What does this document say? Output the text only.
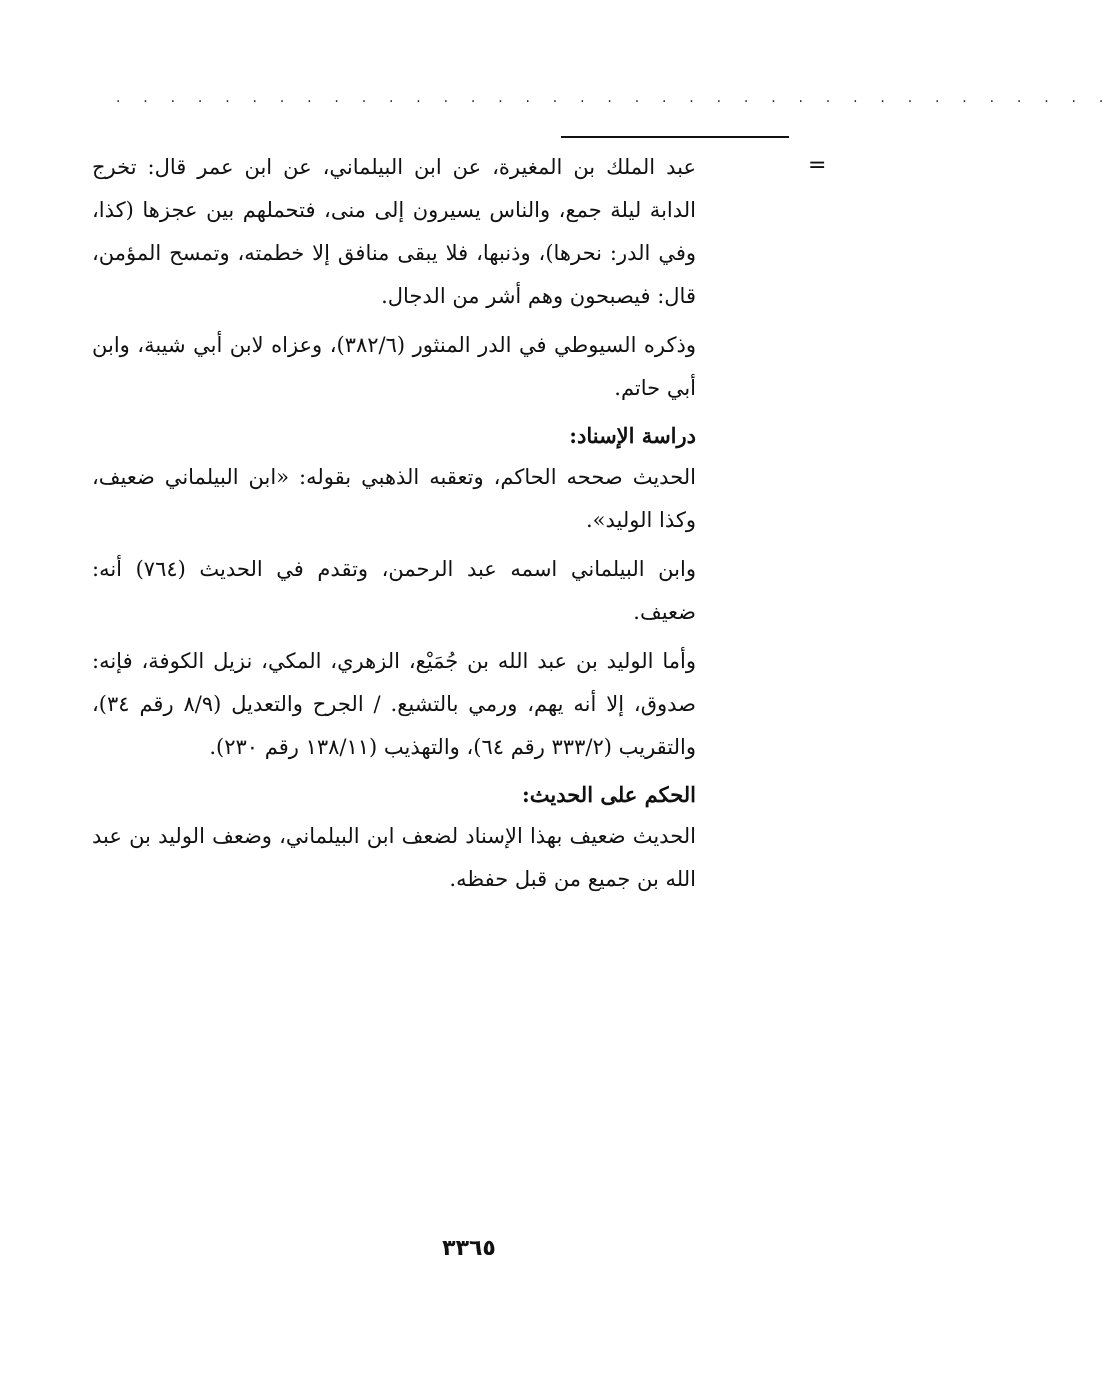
. . . . . . . . . . . . . . . . . . . . . . . . . . . . . . . . . . . . .
=

عبد الملك بن المغيرة، عن ابن البيلماني، عن ابن عمر قال: تخرج الدابة ليلة جمع، والناس يسيرون إلى منى، فتحملهم بين عجزها (كذا، وفي الدر: نحرها)، وذنبها، فلا يبقى منافق إلا خطمته، وتمسح المؤمن، قال: فيصبحون وهم أشر من الدجال.

وذكره السيوطي في الدر المنثور (٣٨٢/٦)، وعزاه لابن أبي شيبة، وابن أبي حاتم.

دراسة الإسناد:

الحديث صححه الحاكم، وتعقبه الذهبي بقوله: «ابن البيلماني ضعيف، وكذا الوليد».

وابن البيلماني اسمه عبد الرحمن، وتقدم في الحديث (٧٦٤) أنه: ضعيف.

وأما الوليد بن عبد الله بن جُمَيْع، الزهري، المكي، نزيل الكوفة، فإنه: صدوق، إلا أنه يهم، ورمي بالتشيع. / الجرح والتعديل (٨/٩ رقم ٣٤)، والتقريب (٣٣٣/٢ رقم ٦٤)، والتهذيب (١٣٨/١١ رقم ٢٣٠).

الحكم على الحديث:

الحديث ضعيف بهذا الإسناد لضعف ابن البيلماني، وضعف الوليد بن عبد الله بن جميع من قبل حفظه.

٣٣٦٥
